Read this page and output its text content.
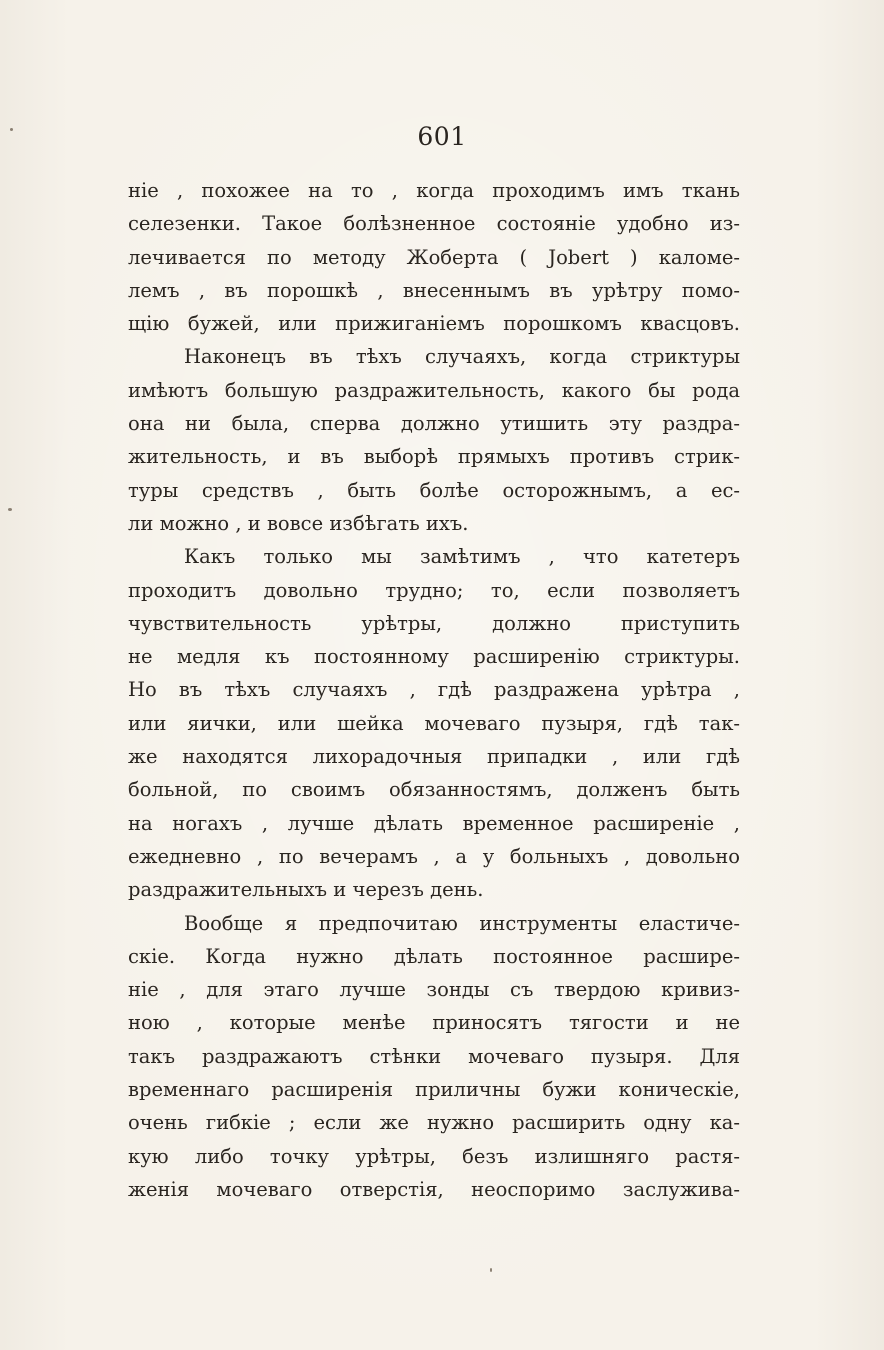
601
ніе , похожее на то , когда проходимъ имъ ткань
селезенки. Такое болѣзненное состояніе удобно из-
лечивается по методу Жоберта ( Jobert ) каломе-
лемъ , въ порошкѣ , внесеннымъ въ урѣтру помо-
щію бужей, или прижиганіемъ порошкомъ квасцовъ.
Наконецъ въ тѣхъ случаяхъ, когда стриктуры
имѣютъ большую раздражительность, какого бы рода
она ни была, сперва должно утишить эту раздра-
жительность, и въ выборѣ прямыхъ противъ стрик-
туры средствъ , быть болѣе осторожнымъ, а ес-
ли можно , и вовсе избѣгать ихъ.
Какъ только мы замѣтимъ , что катетеръ
проходитъ довольно трудно; то, если позволяетъ
чувствительность урѣтры, должно приступить
не медля къ постоянному расширенію стриктуры.
Но въ тѣхъ случаяхъ , гдѣ раздражена урѣтра ,
или яички, или шейка мочеваго пузыря, гдѣ так-
же находятся лихорадочныя припадки , или гдѣ
больной, по своимъ обязанностямъ, долженъ быть
на ногахъ , лучше дѣлать временное расширеніе ,
ежедневно , по вечерамъ , а у больныхъ , довольно
раздражительныхъ и черезъ день.
Вообще я предпочитаю инструменты еластиче-
скіе. Когда нужно дѣлать постоянное расшире-
ніе , для этаго лучше зонды съ твердою кривиз-
ною , которые менѣе приносятъ тягости и не
такъ раздражаютъ стѣнки мочеваго пузыря. Для
временнаго расширенія приличны бужи коническіе,
очень гибкіе ; если же нужно расширить одну ка-
кую либо точку урѣтры, безъ излишняго растя-
женія мочеваго отверстія, неоспоримо заслужива-
